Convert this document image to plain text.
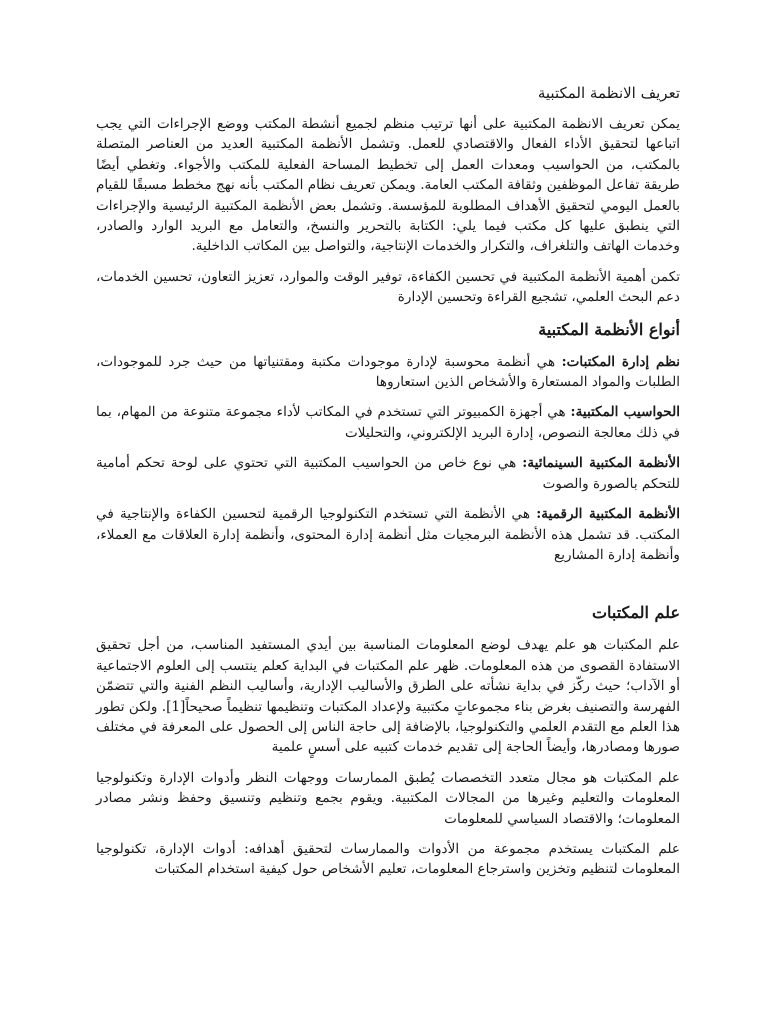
تعريف الانظمة المكتبية

يمكن تعريف الانظمة المكتبية على أنها ترتيب منظم لجميع أنشطة المكتب ووضع الإجراءات التي يجب اتباعها لتحقيق الأداء الفعال والاقتصادي للعمل. وتشمل الأنظمة المكتبية العديد من العناصر المتصلة بالمكتب، من الحواسيب ومعدات العمل إلى تخطيط المساحة الفعلية للمكتب والأجواء. وتغطي أيضًا طريقة تفاعل الموظفين وثقافة المكتب العامة. ويمكن تعريف نظام المكتب بأنه نهج مخطط مسبقًا للقيام بالعمل اليومي لتحقيق الأهداف المطلوبة للمؤسسة. وتشمل بعض الأنظمة المكتبية الرئيسية والإجراءات التي ينطبق عليها كل مكتب فيما يلي: الكتابة بالتحرير والنسخ، والتعامل مع البريد الوارد والصادر، وخدمات الهاتف والتلغراف، والتكرار والخدمات الإنتاجية، والتواصل بين المكاتب الداخلية.

تكمن أهمية الأنظمة المكتبية في تحسين الكفاءة، توفير الوقت والموارد، تعزيز التعاون، تحسين الخدمات، دعم البحث العلمي، تشجيع القراءة وتحسين الإدارة

أنواع الأنظمة المكتبية

نظم إدارة المكتبات: هي أنظمة محوسبة لإدارة موجودات مكتبة ومقتنياتها من حيث جرد للموجودات، الطلبات والمواد المستعارة والأشخاص الذين استعاروها

الحواسيب المكتبية: هي أجهزة الكمبيوتر التي تستخدم في المكاتب لأداء مجموعة متنوعة من المهام، بما في ذلك معالجة النصوص، إدارة البريد الإلكتروني، والتحليلات

الأنظمة المكتبية السينمائية: هي نوع خاص من الحواسيب المكتبية التي تحتوي على لوحة تحكم أمامية للتحكم بالصورة والصوت

الأنظمة المكتبية الرقمية: هي الأنظمة التي تستخدم التكنولوجيا الرقمية لتحسين الكفاءة والإنتاجية في المكتب. قد تشمل هذه الأنظمة البرمجيات مثل أنظمة إدارة المحتوى، وأنظمة إدارة العلاقات مع العملاء، وأنظمة إدارة المشاريع

علم المكتبات

علم المكتبات هو علم يهدف لوضع المعلومات المناسبة بين أيدي المستفيد المناسب، من أجل تحقيق الاستفادة القصوى من هذه المعلومات. ظهر علم المكتبات في البداية كعلم ينتسب إلى العلوم الاجتماعية أو الآداب؛ حيث ركّز في بداية نشأته على الطرق والأساليب الإدارية، وأساليب النظم الفنية والتي تتضمّن الفهرسة والتصنيف بغرض بناء مجموعاتٍ مكتبية ولإعداد المكتبات وتنظيمها تنظيماً صحيحاً[1]. ولكن تطور هذا العلم مع التقدم العلمي والتكنولوجيا، بالإضافة إلى حاجة الناس إلى الحصول على المعرفة في مختلف صورها ومصادرها، وأيضاً الحاجة إلى تقديم خدمات كتبيه على أسسٍ علمية

علم المكتبات هو مجال متعدد التخصصات يُطبق الممارسات ووجهات النظر وأدوات الإدارة وتكنولوجيا المعلومات والتعليم وغيرها من المجالات المكتبية. ويقوم بجمع وتنظيم وتنسيق وحفظ ونشر مصادر المعلومات؛ والاقتصاد السياسي للمعلومات

علم المكتبات يستخدم مجموعة من الأدوات والممارسات لتحقيق أهدافه: أدوات الإدارة، تكنولوجيا المعلومات لتنظيم وتخزين واسترجاع المعلومات، تعليم الأشخاص حول كيفية استخدام المكتبات
